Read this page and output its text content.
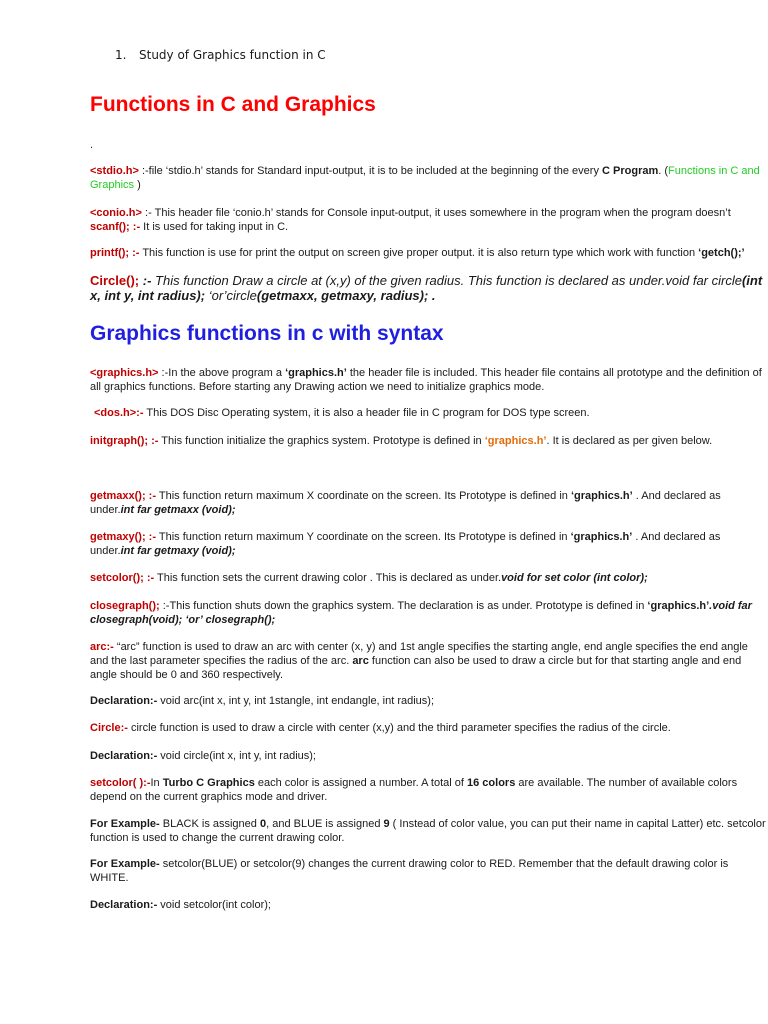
1. Study of Graphics function in C
Functions in C and Graphics

.

<stdio.h> :-file ‘stdio.h’ stands for Standard input-output, it is to be included at the beginning of the every C Program. (Functions in C and Graphics )

<conio.h> :- This header file ‘conio.h’ stands for Console input-output, it uses somewhere in the program when the program doesn’t scanf(); :- It is used for taking input in C.

printf(); :- This function is use for print the output on screen give proper output. it is also return type which work with function ‘getch();’

Circle(); :- This function Draw a circle at (x,y) of the given radius. This function is declared as under.void far circle(int x, int y, int radius); ‘or’circle(getmaxx, getmaxy, radius); .

Graphics functions in c with syntax

<graphics.h> :-In the above program a ‘graphics.h’ the header file is included. This header file contains all prototype and the definition of all graphics functions. Before starting any Drawing action we need to initialize graphics mode.

<dos.h>:- This DOS Disc Operating system, it is also a header file in C program for DOS type screen.

initgraph(); :- This function initialize the graphics system. Prototype is defined in ‘graphics.h’. It is declared as per given below.

getmaxx(); :- This function return maximum X coordinate on the screen. Its Prototype is defined in ‘graphics.h’ . And declared as under.int far getmaxx (void);

getmaxy(); :- This function return maximum Y coordinate on the screen. Its Prototype is defined in ‘graphics.h’ . And declared as under.int far getmaxy (void);

setcolor(); :- This function sets the current drawing color . This is declared as under.void for set color (int color);

closegraph(); :-This function shuts down the graphics system. The declaration is as under. Prototype is defined in ‘graphics.h’.void far closegraph(void); ‘or’ closegraph();

arc:- “arc” function is used to draw an arc with center (x, y) and 1st angle specifies the starting angle, end angle specifies the end angle and the last parameter specifies the radius of the arc. arc function can also be used to draw a circle but for that starting angle and end angle should be 0 and 360 respectively.

Declaration:- void arc(int x, int y, int 1stangle, int endangle, int radius);

Circle:- circle function is used to draw a circle with center (x,y) and the third parameter specifies the radius of the circle.

Declaration:- void circle(int x, int y, int radius);

setcolor( ):-In Turbo C Graphics each color is assigned a number. A total of 16 colors are available. The number of available colors depend on the current graphics mode and driver.

For Example- BLACK is assigned 0, and BLUE is assigned 9 ( Instead of color value, you can put their name in capital Latter) etc. setcolor function is used to change the current drawing color.

For Example- setcolor(BLUE) or setcolor(9) changes the current drawing color to RED. Remember that the default drawing color is WHITE.

Declaration:- void setcolor(int color);
